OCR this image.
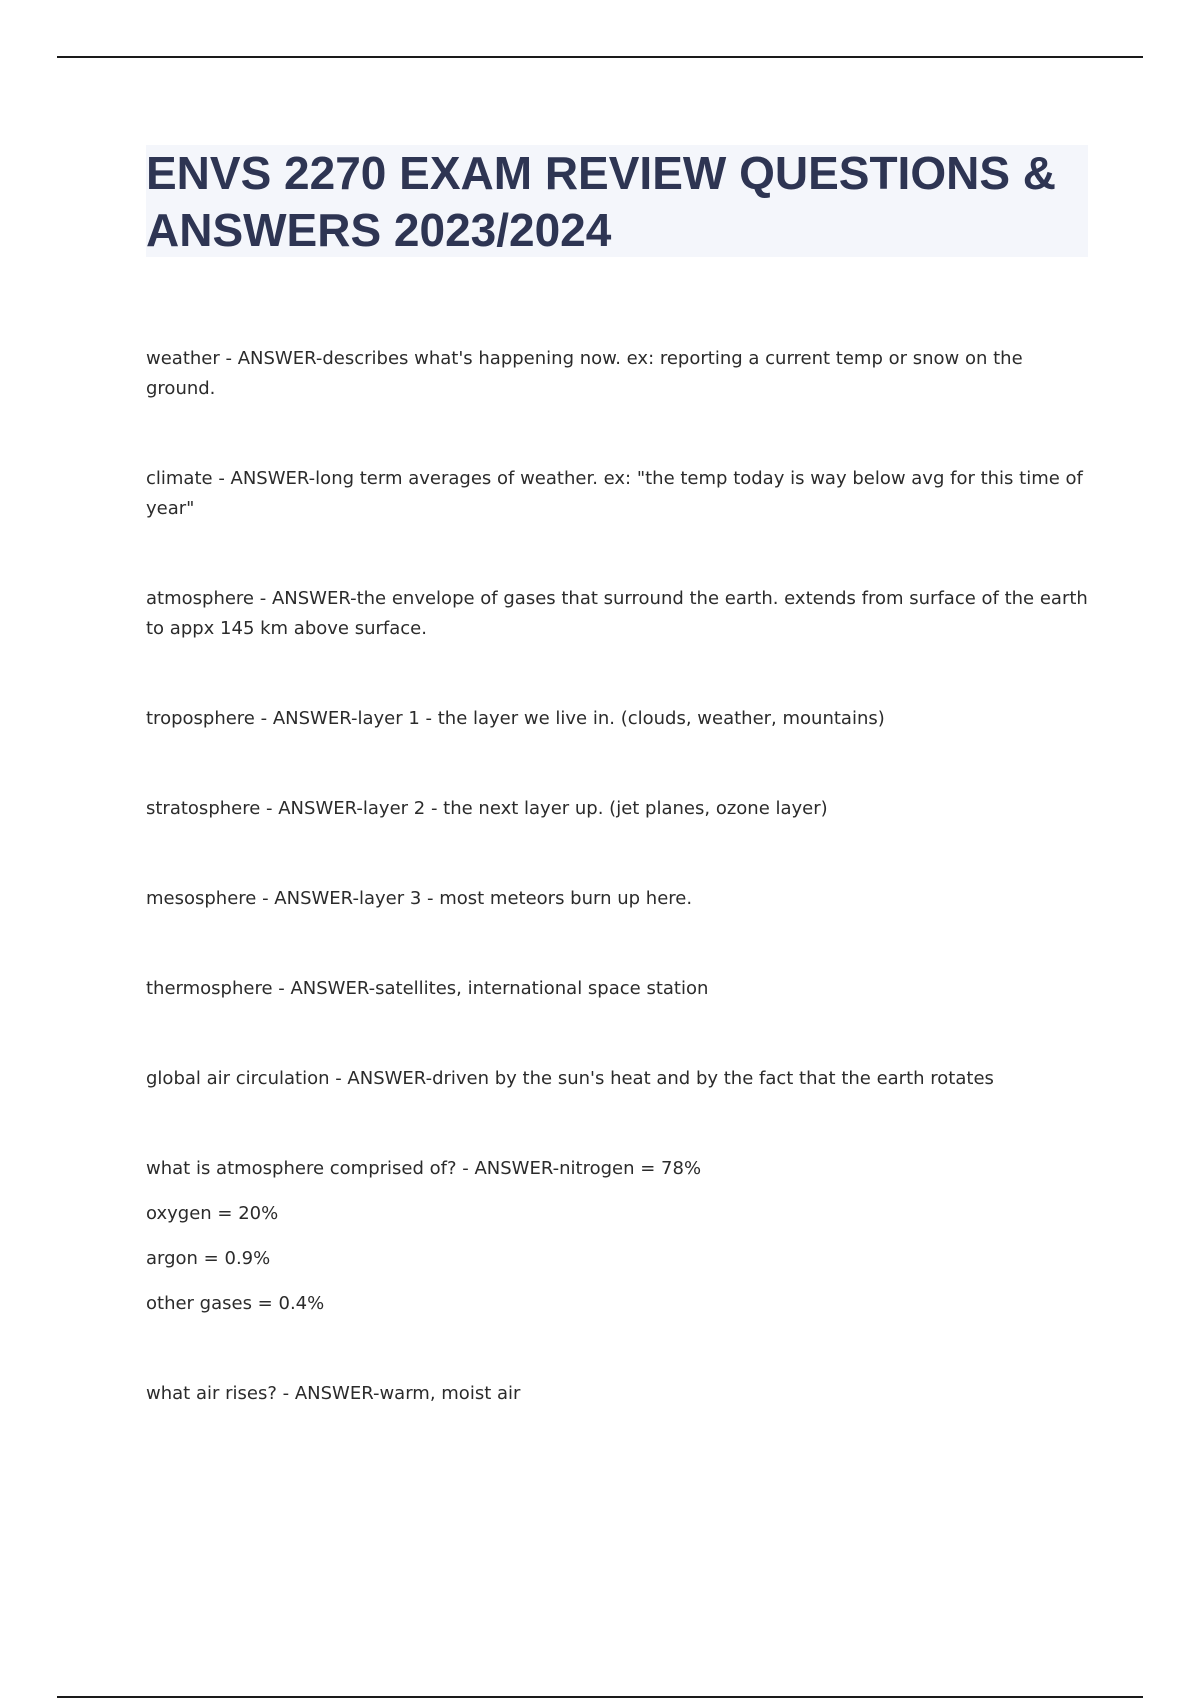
ENVS 2270 EXAM REVIEW QUESTIONS & ANSWERS 2023/2024

weather - ANSWER-describes what's happening now. ex: reporting a current temp or snow on the ground.

climate - ANSWER-long term averages of weather. ex: "the temp today is way below avg for this time of year"

atmosphere - ANSWER-the envelope of gases that surround the earth. extends from surface of the earth to appx 145 km above surface.

troposphere - ANSWER-layer 1 - the layer we live in. (clouds, weather, mountains)

stratosphere - ANSWER-layer 2 - the next layer up. (jet planes, ozone layer)

mesosphere - ANSWER-layer 3 - most meteors burn up here.

thermosphere - ANSWER-satellites, international space station

global air circulation - ANSWER-driven by the sun's heat and by the fact that the earth rotates

what is atmosphere comprised of? - ANSWER-nitrogen = 78%
oxygen = 20%
argon = 0.9%
other gases = 0.4%

what air rises? - ANSWER-warm, moist air
